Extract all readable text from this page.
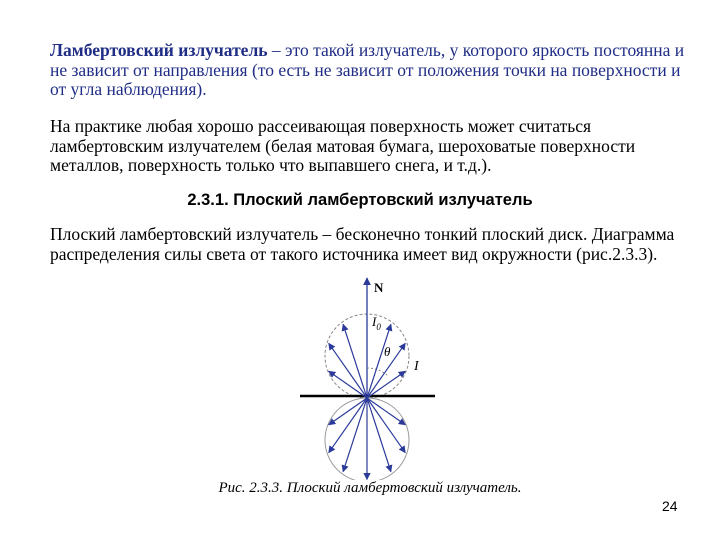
Ламбертовский излучатель – это такой излучатель, у которого яркость постоянна и не зависит от направления (то есть не зависит от положения точки на поверхности и от угла наблюдения).

На практике любая хорошо рассеивающая поверхность может считаться ламбертовским излучателем (белая матовая бумага, шероховатые поверхности металлов, поверхность только что выпавшего снега, и т.д.).

2.3.1. Плоский ламбертовский излучатель

Плоский ламбертовский излучатель – бесконечно тонкий плоский диск. Диаграмма распределения силы света от такого источника имеет вид окружности (рис.2.3.3).

N
$I_0$
θ
I

Рис. 2.3.3. Плоский ламбертовский излучатель.

24
